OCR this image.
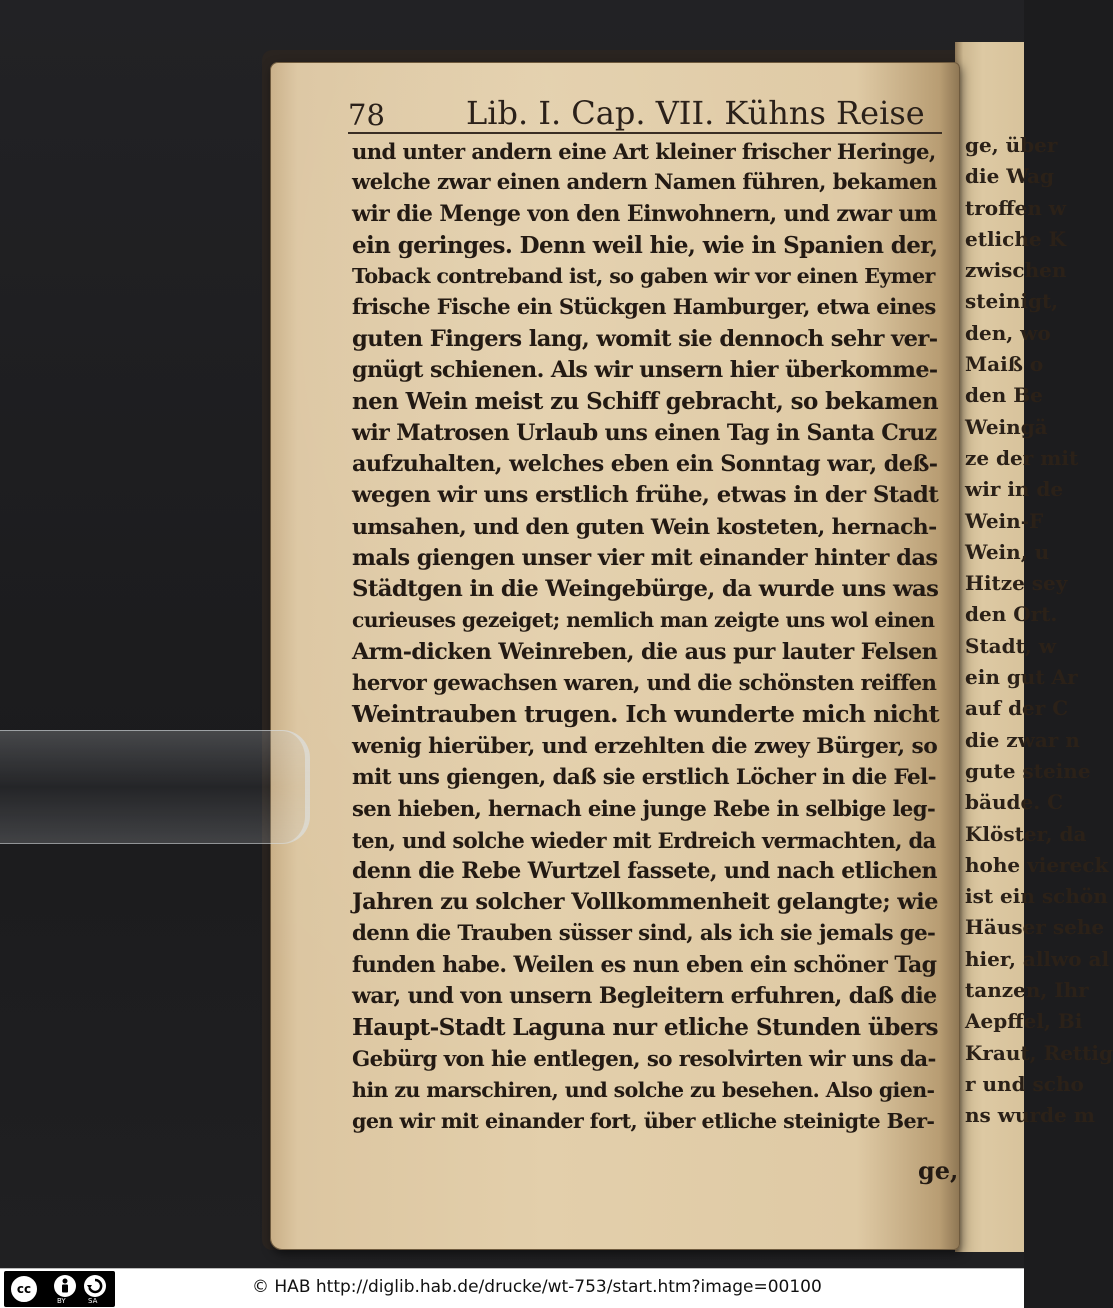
ge, über
die Wag
troffen w
etliche K
zwischen
steinigt,
den, wo
Maiß o
den Be
Weingä
ze der mit
wir in de
Wein-F
Wein, u
Hitze sey
den Ort.
Stadt, w
ein gut Ar
auf der C
die zwar n
gute steine
bäude. C
Klöster, da
hohe viereck
ist ein schön
Häuser sehe
hier, allwo al
tanzen, Ihr
Aepffel, Bi
Kraut, Rettig
r und scho
ns wurde m
78	Lib. I. Cap. VII. Kühns Reise
und unter andern eine Art kleiner frischer Heringe,
welche zwar einen andern Namen führen, bekamen
wir die Menge von den Einwohnern, und zwar um
ein geringes. Denn weil hie, wie in Spanien der,
Toback contreband ist, so gaben wir vor einen Eymer
frische Fische ein Stückgen Hamburger, etwa eines
guten Fingers lang, womit sie dennoch sehr ver-
gnügt schienen. Als wir unsern hier überkomme-
nen Wein meist zu Schiff gebracht, so bekamen
wir Matrosen Urlaub uns einen Tag in Santa Cruz
aufzuhalten, welches eben ein Sonntag war, deß-
wegen wir uns erstlich frühe, etwas in der Stadt
umsahen, und den guten Wein kosteten, hernach-
mals giengen unser vier mit einander hinter das
Städtgen in die Weingebürge, da wurde uns was
curieuses gezeiget; nemlich man zeigte uns wol einen
Arm-dicken Weinreben, die aus pur lauter Felsen
hervor gewachsen waren, und die schönsten reiffen
Weintrauben trugen. Ich wunderte mich nicht
wenig hierüber, und erzehlten die zwey Bürger, so
mit uns giengen, daß sie erstlich Löcher in die Fel-
sen hieben, hernach eine junge Rebe in selbige leg-
ten, und solche wieder mit Erdreich vermachten, da
denn die Rebe Wurtzel fassete, und nach etlichen
Jahren zu solcher Vollkommenheit gelangte; wie
denn die Trauben süsser sind, als ich sie jemals ge-
funden habe. Weilen es nun eben ein schöner Tag
war, und von unsern Begleitern erfuhren, daß die
Haupt-Stadt Laguna nur etliche Stunden übers
Gebürg von hie entlegen, so resolvirten wir uns da-
hin zu marschiren, und solche zu besehen. Also gien-
gen wir mit einander fort, über etliche steinigte Ber-
ge,
cc
BY	SA
© HAB http://diglib.hab.de/drucke/wt-753/start.htm?image=00100
